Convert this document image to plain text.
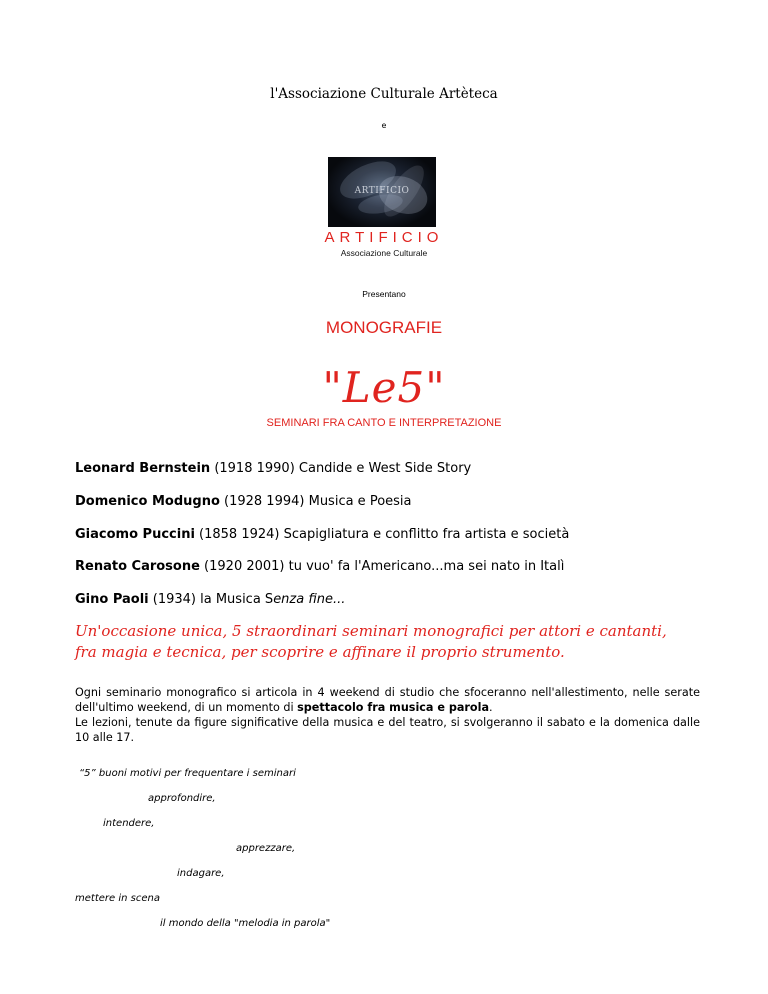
l'Associazione Culturale Artèteca
e
ARTIFICIO
ARTIFICIO
Associazione Culturale
Presentano
MONOGRAFIE
"Le5"
SEMINARI FRA CANTO E INTERPRETAZIONE
Leonard Bernstein (1918 1990) Candide e West Side Story
Domenico Modugno (1928 1994) Musica e Poesia
Giacomo Puccini (1858 1924) Scapigliatura e conflitto fra artista e società
Renato Carosone (1920 2001) tu vuo' fa l'Americano...ma sei nato in Italì
Gino Paoli (1934) la Musica Senza fine...
Un'occasione unica, 5 straordinari seminari monografici per attori e cantanti,
fra magia e tecnica, per scoprire e affinare il proprio strumento.
Ogni seminario monografico si articola in 4 weekend di studio che sfoceranno nell'allestimento, nelle serate dell'ultimo weekend, di un momento di spettacolo fra musica e parola.
Le lezioni, tenute da figure significative della musica e del teatro, si svolgeranno il sabato e la domenica dalle 10 alle 17.
“5” buoni motivi per frequentare i seminari
approfondire,
intendere,
apprezzare,
indagare,
mettere in scena
il mondo della "melodia in parola"
